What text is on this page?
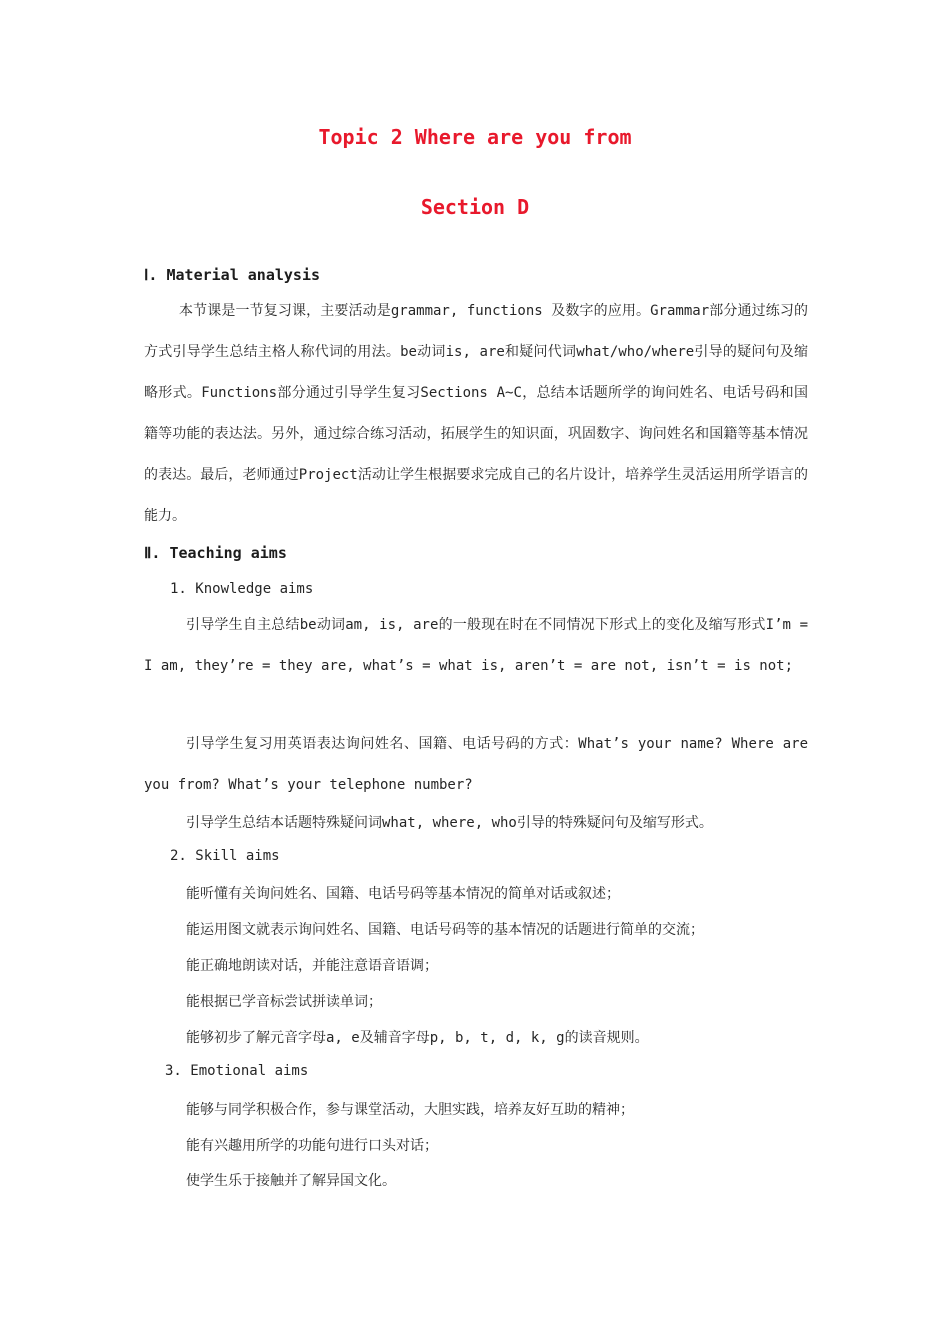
Topic 2 Where are you from
Section D
Ⅰ. Material analysis

本节课是一节复习课，主要活动是grammar, functions 及数字的应用。Grammar部分通过练习的方式引导学生总结主格人称代词的用法。be动词is, are和疑问代词what/who/where引导的疑问句及缩略形式。Functions部分通过引导学生复习Sections A~C，总结本话题所学的询问姓名、电话号码和国籍等功能的表达法。另外，通过综合练习活动，拓展学生的知识面，巩固数字、询问姓名和国籍等基本情况的表达。最后，老师通过Project活动让学生根据要求完成自己的名片设计，培养学生灵活运用所学语言的能力。

Ⅱ. Teaching aims

1. Knowledge aims

引导学生自主总结be动词am, is, are的一般现在时在不同情况下形式上的变化及缩写形式I’m = I am, they’re = they are, what’s = what is, aren’t = are not, isn’t = is not;

引导学生复习用英语表达询问姓名、国籍、电话号码的方式：What’s your name? Where are you from? What’s your telephone number?

引导学生总结本话题特殊疑问词what, where, who引导的特殊疑问句及缩写形式。

2. Skill aims

能听懂有关询问姓名、国籍、电话号码等基本情况的简单对话或叙述；

能运用图文就表示询问姓名、国籍、电话号码等的基本情况的话题进行简单的交流；

能正确地朗读对话，并能注意语音语调；

能根据已学音标尝试拼读单词；

能够初步了解元音字母a, e及辅音字母p, b, t, d, k, g的读音规则。

3. Emotional aims

能够与同学积极合作，参与课堂活动，大胆实践，培养友好互助的精神；

能有兴趣用所学的功能句进行口头对话；

使学生乐于接触并了解异国文化。
